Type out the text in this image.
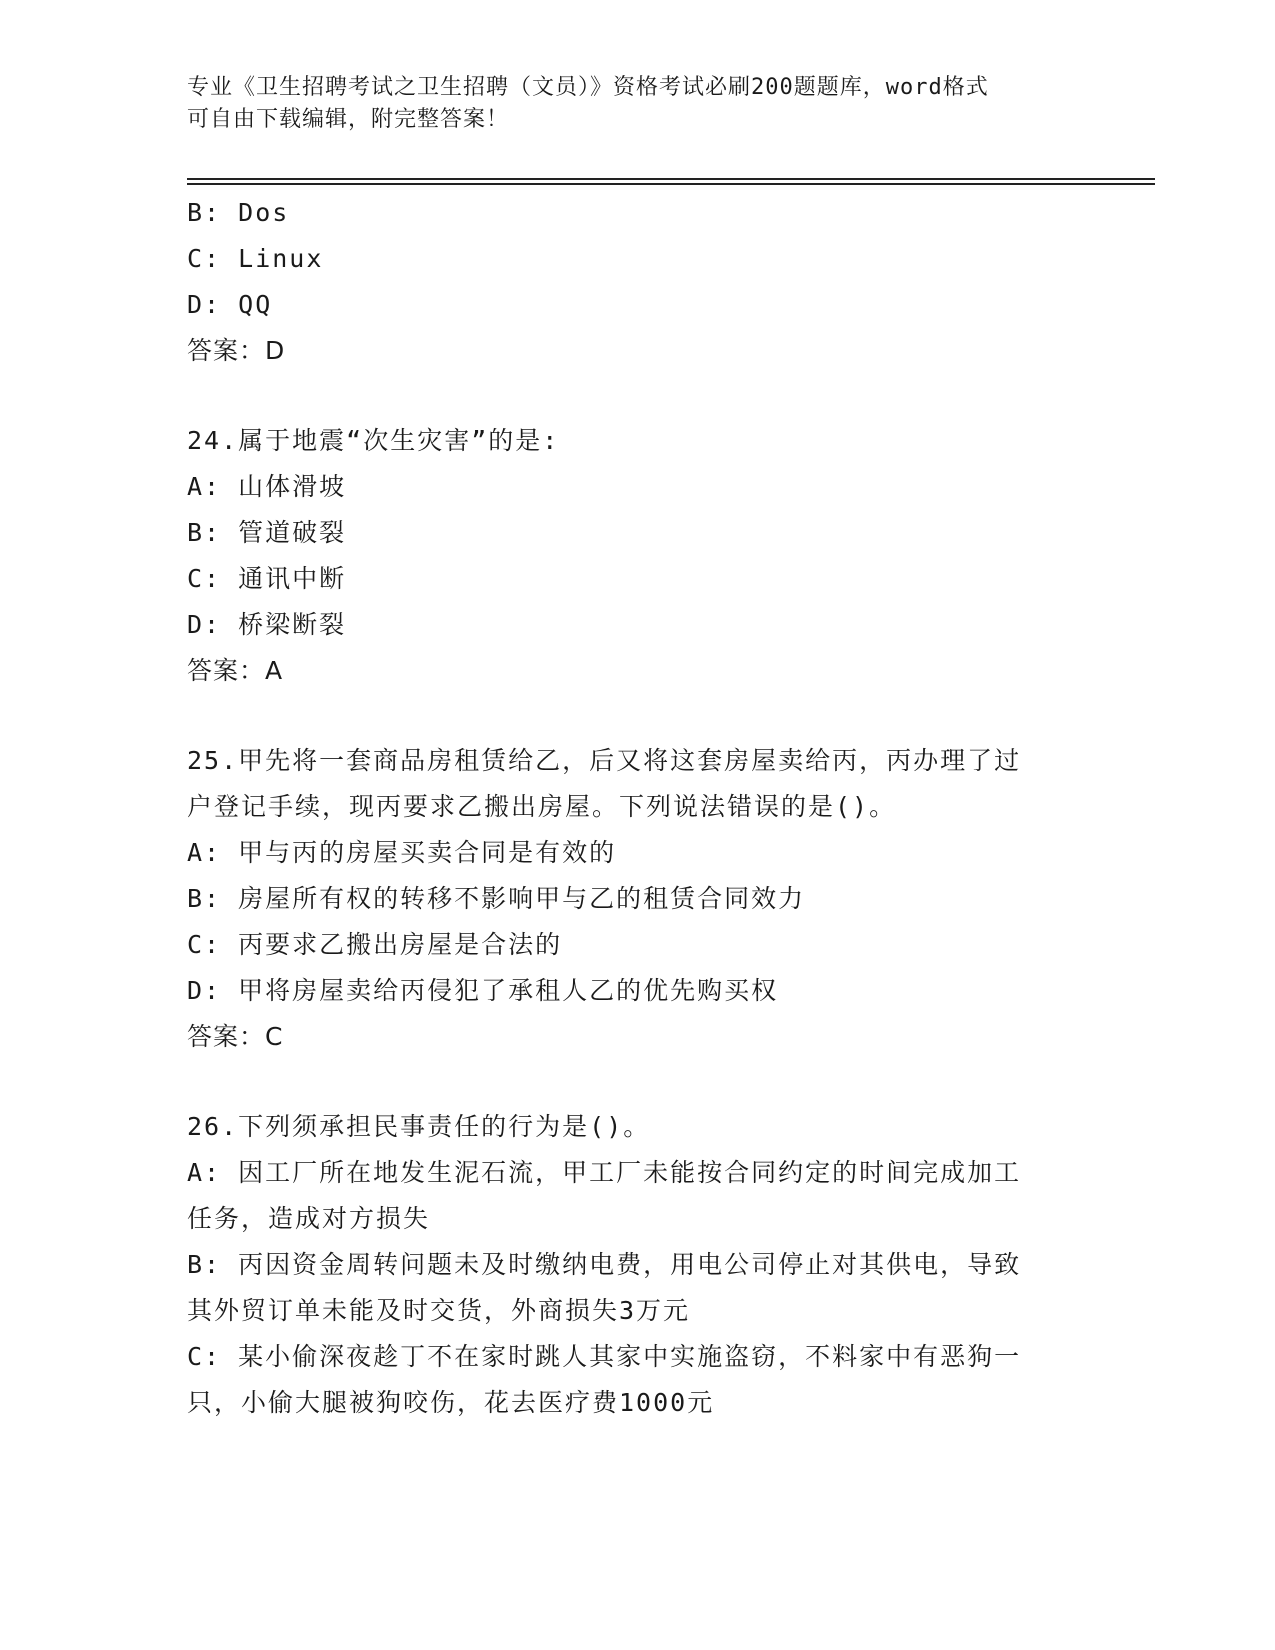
专业《卫生招聘考试之卫生招聘（文员）》资格考试必刷200题题库，word格式
可自由下载编辑，附完整答案！
B: Dos
C: Linux
D: QQ
答案：D
24.属于地震“次生灾害”的是:
A: 山体滑坡
B: 管道破裂
C: 通讯中断
D: 桥梁断裂
答案：A
25.甲先将一套商品房租赁给乙，后又将这套房屋卖给丙，丙办理了过
户登记手续，现丙要求乙搬出房屋。下列说法错误的是()。
A: 甲与丙的房屋买卖合同是有效的
B: 房屋所有权的转移不影响甲与乙的租赁合同效力
C: 丙要求乙搬出房屋是合法的
D: 甲将房屋卖给丙侵犯了承租人乙的优先购买权
答案：C
26.下列须承担民事责任的行为是()。
A: 因工厂所在地发生泥石流，甲工厂未能按合同约定的时间完成加工
任务，造成对方损失
B: 丙因资金周转问题未及时缴纳电费，用电公司停止对其供电，导致
其外贸订单未能及时交货，外商损失3万元
C: 某小偷深夜趁丁不在家时跳人其家中实施盗窃，不料家中有恶狗一
只，小偷大腿被狗咬伤，花去医疗费1000元
